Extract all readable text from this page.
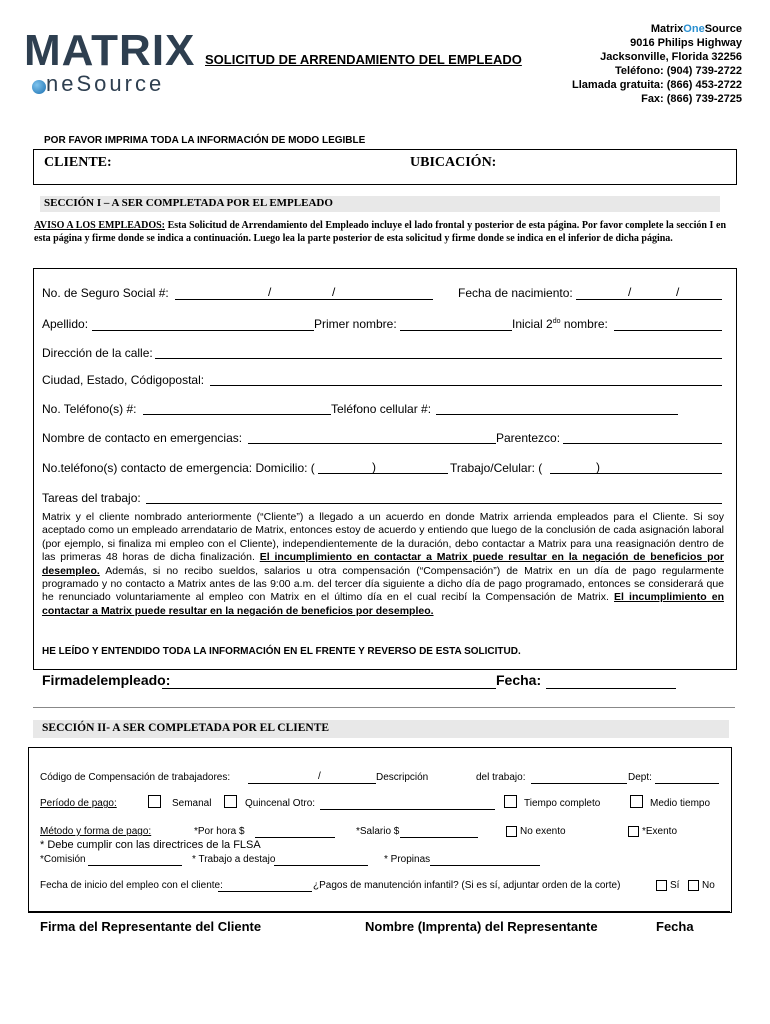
MATRIX
neSource
SOLICITUD DE ARRENDAMIENTO DEL EMPLEADO
MatrixOneSource
9016 Philips Highway
Jacksonville, Florida 32256
Teléfono: (904) 739-2722
Llamada gratuita: (866) 453-2722
Fax: (866) 739-2725
POR FAVOR IMPRIMA TODA LA INFORMACIÓN DE MODO LEGIBLE
CLIENTE:	UBICACIÓN:
SECCIÓN I – A SER COMPLETADA POR EL EMPLEADO
AVISO A LOS EMPLEADOS: Esta Solicitud de Arrendamiento del Empleado incluye el lado frontal y posterior de esta página. Por favor complete la sección I en esta página y firme donde se indica a continuación. Luego lea la parte posterior de esta solicitud y firme donde se indica en el inferior de dicha página.
No. de Seguro Social #:	/	/	Fecha de nacimiento:	/	/
Apellido:	Primer nombre:	Inicial $2^{do}$ nombre:
Dirección de la calle:
Ciudad, Estado, Códigopostal:
No. Teléfono(s) #:	Teléfono cellular #:
Nombre de contacto en emergencias:	Parentezco:
No.teléfono(s) contacto de emergencia: Domicilio: (	)	Trabajo/Celular: (	)
Tareas del trabajo:
Matrix y el cliente nombrado anteriormente (“Cliente”) a llegado a un acuerdo en donde Matrix arrienda empleados para el Cliente. Si soy aceptado como un empleado arrendatario de Matrix, entonces estoy de acuerdo y entiendo que luego de la conclusión de cada asignación laboral (por ejemplo, si finaliza mi empleo con el Cliente), independientemente de la duración, debo contactar a Matrix para una reasignación dentro de las primeras 48 horas de dicha finalización. El incumplimiento en contactar a Matrix puede resultar en la negación de beneficios por desempleo. Además, si no recibo sueldos, salarios u otra compensación (“Compensación”) de Matrix en un día de pago regularmente programado y no contacto a Matrix antes de las 9:00 a.m. del tercer día siguiente a dicho día de pago programado, entonces se considerará que he renunciado voluntariamente al empleo con Matrix en el último día en el cual recibí la Compensación de Matrix. El incumplimiento en contactar a Matrix puede resultar en la negación de beneficios por desempleo.
HE LEÍDO Y ENTENDIDO TODA LA INFORMACIÓN EN EL FRENTE Y REVERSO DE ESTA SOLICITUD.
Firmadelempleado:	Fecha:
SECCIÓN II- A SER COMPLETADA POR EL CLIENTE
Código de Compensación de trabajadores:	/	Descripción	del trabajo:	Dept:
Período de pago:	Semanal	Quincenal Otro:	Tiempo completo	Medio tiempo
Método y forma de pago:	*Por hora $	*Salario $	No exento	*Exento
* Debe cumplir con las directrices de la FLSA
*Comisión	* Trabajo a destajo	* Propinas
Fecha de inicio del empleo con el cliente:	¿Pagos de manutención infantil? (Si es sí, adjuntar orden de la corte)	Sí	No
Firma del Representante del Cliente	Nombre (Imprenta) del Representante	Fecha
